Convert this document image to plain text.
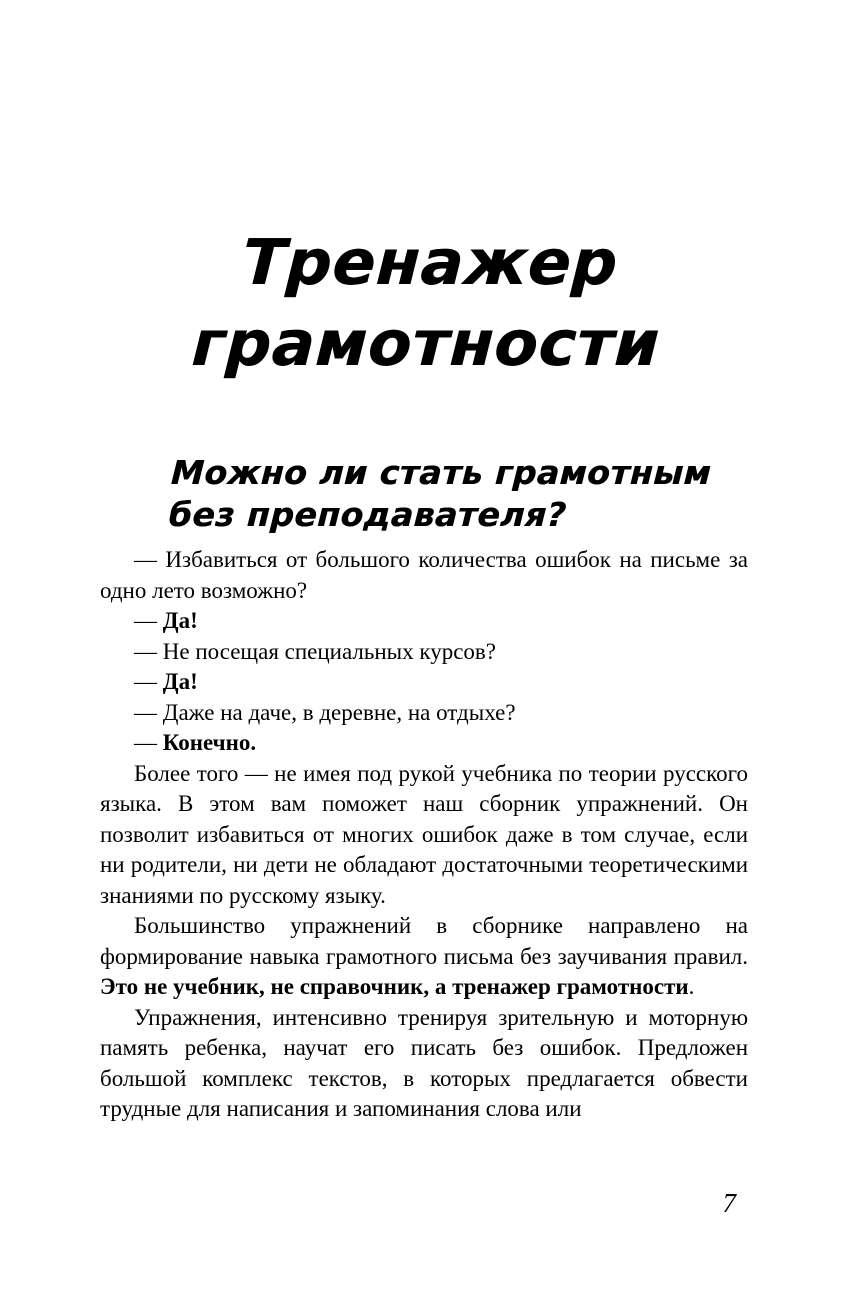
Тренажер
грамотности
Можно ли стать грамотным
без преподавателя?

— Избавиться от большого количества ошибок на письме за одно лето возможно?

— Да!

— Не посещая специальных курсов?

— Да!

— Даже на даче, в деревне, на отдыхе?

— Конечно.

Более того — не имея под рукой учебника по теории русского языка. В этом вам поможет наш сборник упражнений. Он позволит избавиться от многих ошибок даже в том случае, если ни родители, ни дети не обладают достаточными теоретическими знаниями по русскому языку.

Большинство упражнений в сборнике направлено на формирование навыка грамотного письма без заучивания правил. Это не учебник, не справочник, а тренажер грамотности.

Упражнения, интенсивно тренируя зрительную и моторную память ребенка, научат его писать без ошибок. Предложен большой комплекс текстов, в которых предлагается обвести трудные для написания и запоминания слова или

7
